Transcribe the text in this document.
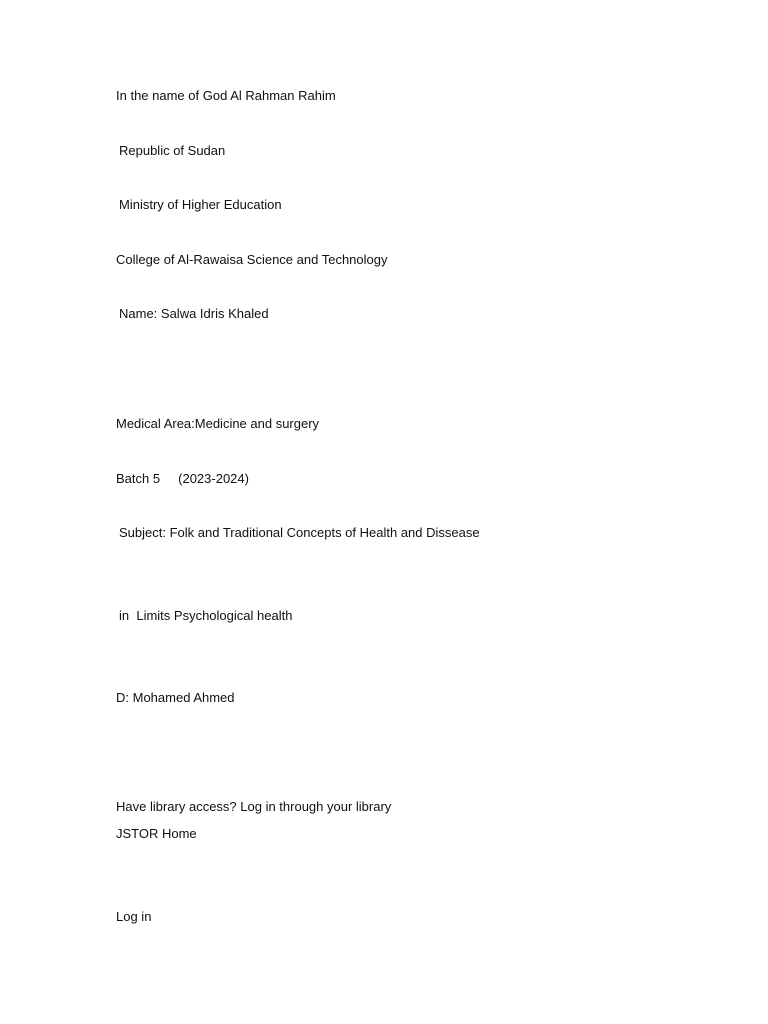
In the name of God Al Rahman Rahim
Republic of Sudan
Ministry of Higher Education
College of Al-Rawaisa Science and Technology
Name: Salwa Idris Khaled
Medical Area:Medicine and surgery
Batch 5     (2023-2024)
Subject: Folk and Traditional Concepts of Health and Dissease
in  Limits Psychological health
D: Mohamed Ahmed
Have library access? Log in through your library
JSTOR Home
Log in
